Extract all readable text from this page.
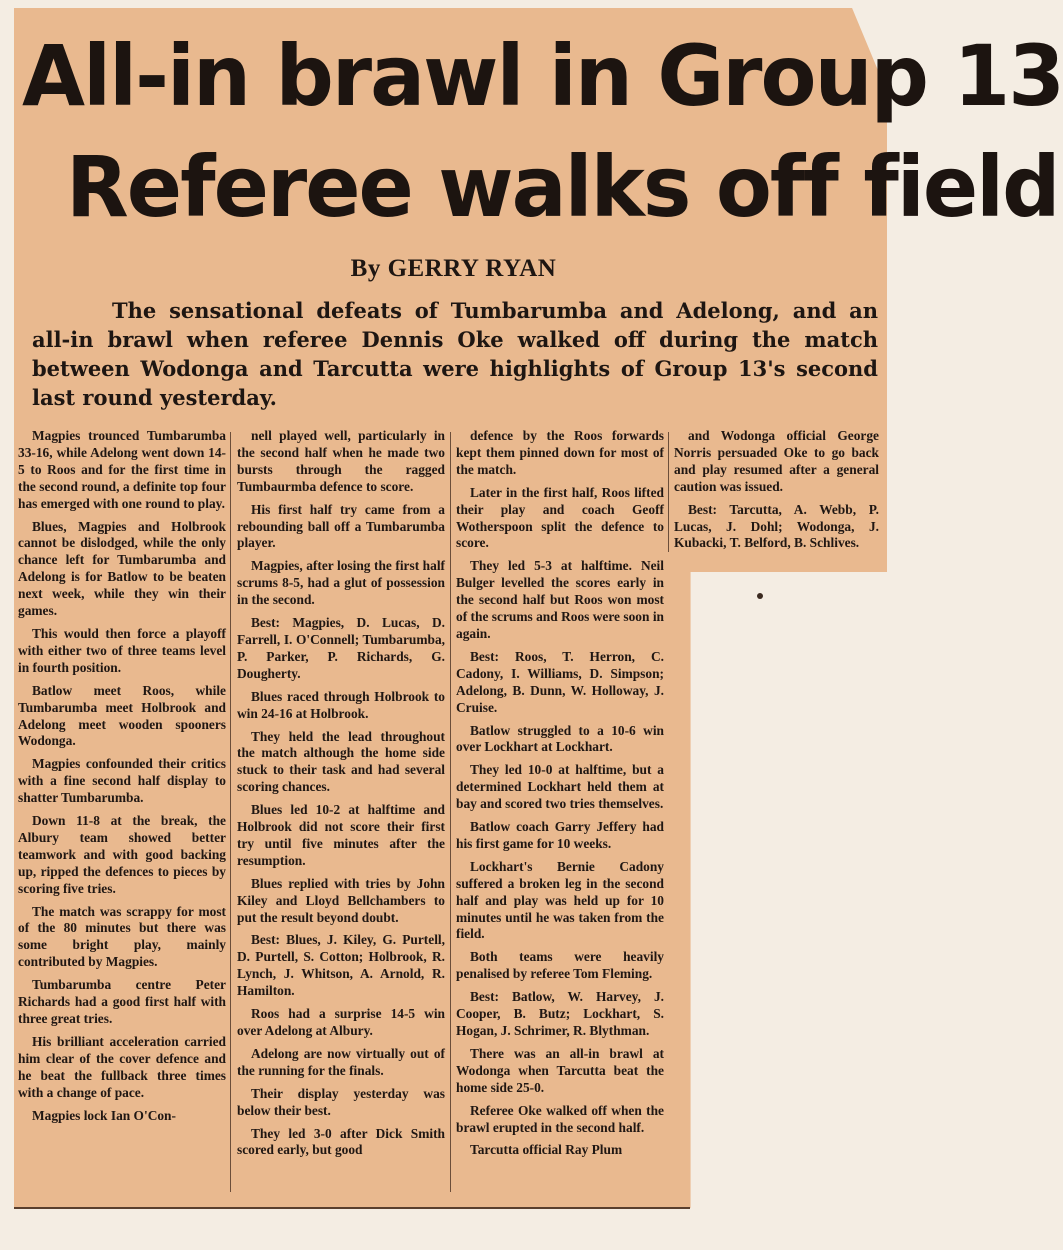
All-in brawl in Group 13
Referee walks off field
By GERRY RYAN
The sensational defeats of Tumbarumba and Adelong, and an all-in brawl when referee Dennis Oke walked off during the match between Wodonga and Tarcutta were highlights of Group 13's second last round yesterday.

Magpies trounced Tumbarumba 33-16, while Adelong went down 14-5 to Roos and for the first time in the second round, a definite top four has emerged with one round to play.

Blues, Magpies and Holbrook cannot be dislodged, while the only chance left for Tumbarumba and Adelong is for Batlow to be beaten next week, while they win their games.

This would then force a playoff with either two of three teams level in fourth position.

Batlow meet Roos, while Tumbarumba meet Holbrook and Adelong meet wooden spooners Wodonga.

Magpies confounded their critics with a fine second half display to shatter Tumbarumba.

Down 11-8 at the break, the Albury team showed better teamwork and with good backing up, ripped the defences to pieces by scoring five tries.

The match was scrappy for most of the 80 minutes but there was some bright play, mainly contributed by Magpies.

Tumbarumba centre Peter Richards had a good first half with three great tries.

His brilliant acceleration carried him clear of the cover defence and he beat the fullback three times with a change of pace.

Magpies lock Ian O'Con-

nell played well, particularly in the second half when he made two bursts through the ragged Tumbaurmba defence to score.

His first half try came from a rebounding ball off a Tumbarumba player.

Magpies, after losing the first half scrums 8-5, had a glut of possession in the second.

Best: Magpies, D. Lucas, D. Farrell, I. O'Connell; Tumbarumba, P. Parker, P. Richards, G. Dougherty.

Blues raced through Holbrook to win 24-16 at Holbrook.

They held the lead throughout the match although the home side stuck to their task and had several scoring chances.

Blues led 10-2 at halftime and Holbrook did not score their first try until five minutes after the resumption.

Blues replied with tries by John Kiley and Lloyd Bellchambers to put the result beyond doubt.

Best: Blues, J. Kiley, G. Purtell, D. Purtell, S. Cotton; Holbrook, R. Lynch, J. Whitson, A. Arnold, R. Hamilton.

Roos had a surprise 14-5 win over Adelong at Albury.

Adelong are now virtually out of the running for the finals.

Their display yesterday was below their best.

They led 3-0 after Dick Smith scored early, but good

defence by the Roos forwards kept them pinned down for most of the match.

Later in the first half, Roos lifted their play and coach Geoff Wotherspoon split the defence to score.

They led 5-3 at halftime. Neil Bulger levelled the scores early in the second half but Roos won most of the scrums and Roos were soon in again.

Best: Roos, T. Herron, C. Cadony, I. Williams, D. Simpson; Adelong, B. Dunn, W. Holloway, J. Cruise.

Batlow struggled to a 10-6 win over Lockhart at Lockhart.

They led 10-0 at halftime, but a determined Lockhart held them at bay and scored two tries themselves.

Batlow coach Garry Jeffery had his first game for 10 weeks.

Lockhart's Bernie Cadony suffered a broken leg in the second half and play was held up for 10 minutes until he was taken from the field.

Both teams were heavily penalised by referee Tom Fleming.

Best: Batlow, W. Harvey, J. Cooper, B. Butz; Lockhart, S. Hogan, J. Schrimer, R. Blythman.

There was an all-in brawl at Wodonga when Tarcutta beat the home side 25-0.

Referee Oke walked off when the brawl erupted in the second half.

Tarcutta official Ray Plum

and Wodonga official George Norris persuaded Oke to go back and play resumed after a general caution was issued.

Best: Tarcutta, A. Webb, P. Lucas, J. Dohl; Wodonga, J. Kubacki, T. Belford, B. Schlives.
